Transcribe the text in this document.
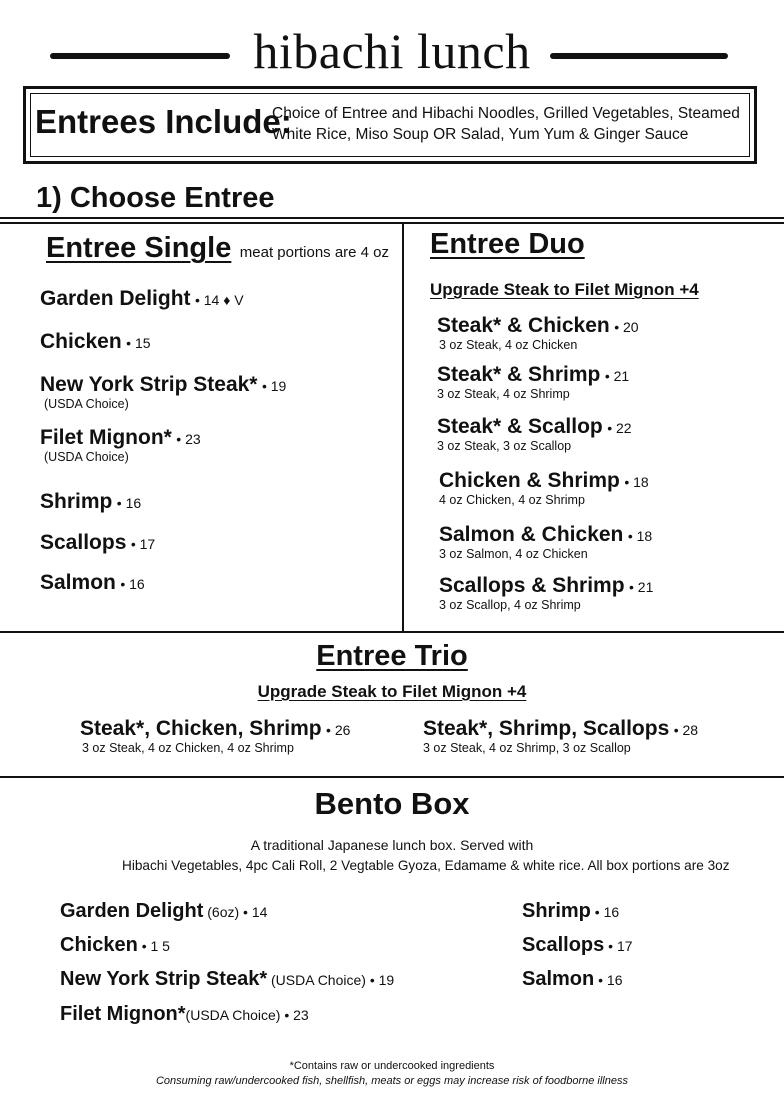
hibachi lunch
Entrees Include:
Choice of Entree and Hibachi Noodles, Grilled Vegetables, Steamed White Rice, Miso Soup OR Salad, Yum Yum & Ginger Sauce
1) Choose Entree
Entree Single meat portions are 4 oz
Garden Delight • 14 ♦ V
Chicken • 15
New York Strip Steak* • 19
(USDA Choice)
Filet Mignon* • 23
(USDA Choice)
Shrimp • 16
Scallops • 17
Salmon • 16
Entree Duo
Upgrade Steak to Filet Mignon +4
Steak* & Chicken • 20
3 oz Steak, 4 oz Chicken
Steak* & Shrimp • 21
3 oz Steak, 4 oz Shrimp
Steak* & Scallop • 22
3 oz Steak, 3 oz Scallop
Chicken & Shrimp • 18
4 oz Chicken, 4 oz Shrimp
Salmon & Chicken • 18
3 oz Salmon, 4 oz Chicken
Scallops & Shrimp • 21
3 oz Scallop, 4 oz Shrimp
Entree Trio
Upgrade Steak to Filet Mignon +4
Steak*, Chicken, Shrimp • 26
3 oz Steak, 4 oz Chicken, 4 oz Shrimp
Steak*, Shrimp, Scallops • 28
3 oz Steak, 4 oz Shrimp, 3 oz Scallop
Bento Box
A traditional Japanese lunch box. Served with
Hibachi Vegetables, 4pc Cali Roll, 2 Vegtable Gyoza, Edamame & white rice. All box portions are 3oz
Garden Delight (6oz) • 14
Chicken • 1 5
New York Strip Steak* (USDA Choice) • 19
Filet Mignon*(USDA Choice) • 23
Shrimp • 16
Scallops • 17
Salmon • 16
*Contains raw or undercooked ingredients
Consuming raw/undercooked fish, shellfish, meats or eggs may increase risk of foodborne illness
